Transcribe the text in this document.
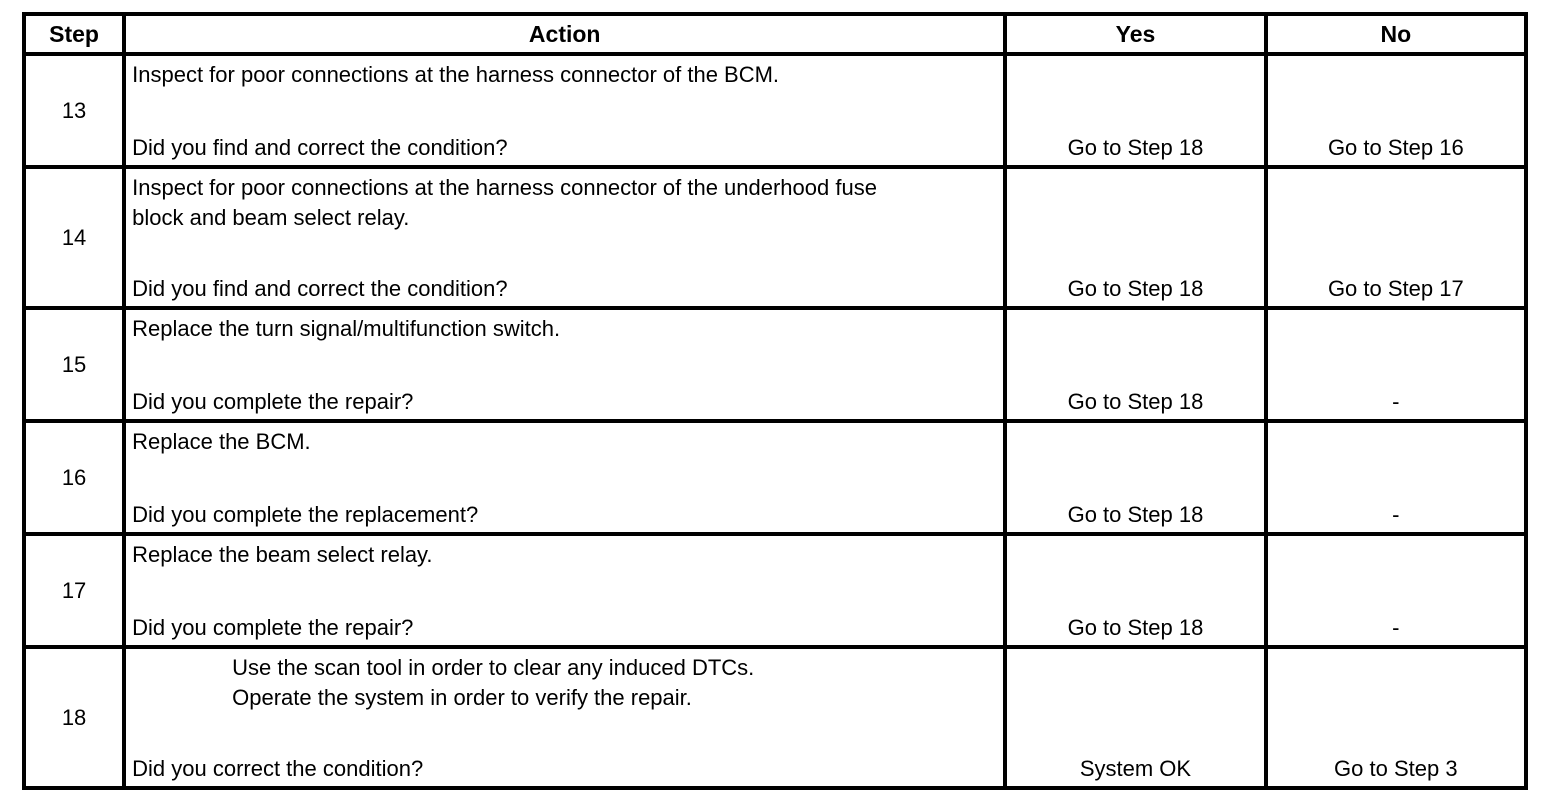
Step	Action	Yes	No
13	Inspect for poor connections at the harness connector of the BCM.
Did you find and correct the condition?	Go to Step 18	Go to Step 16
14	Inspect for poor connections at the harness connector of the underhood fuse
block and beam select relay.
Did you find and correct the condition?	Go to Step 18	Go to Step 17
15	Replace the turn signal/multifunction switch.
Did you complete the repair?	Go to Step 18	-
16	Replace the BCM.
Did you complete the replacement?	Go to Step 18	-
17	Replace the beam select relay.
Did you complete the repair?	Go to Step 18	-
18	Use the scan tool in order to clear any induced DTCs.
Operate the system in order to verify the repair.
Did you correct the condition?	System OK	Go to Step 3
